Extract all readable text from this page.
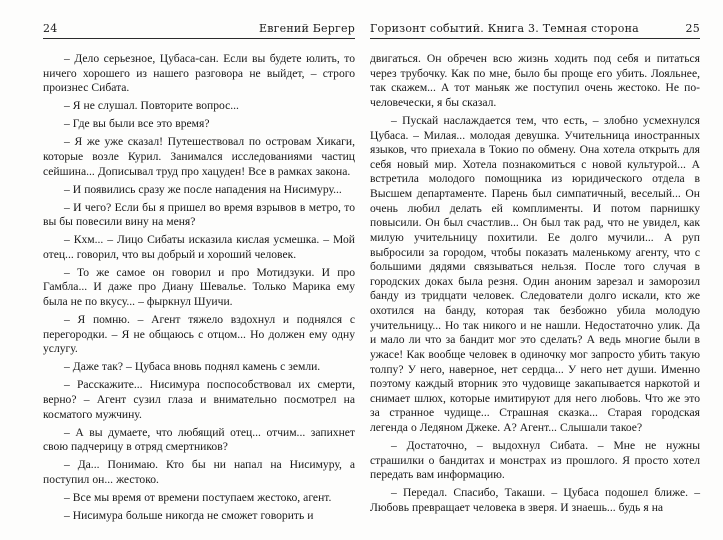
24	Евгений Бергер

– Дело серьезное, Цубаса-сан. Если вы будете юлить, то ничего хорошего из нашего разговора не выйдет, – строго произнес Сибата.

– Я не слушал. Повторите вопрос...

– Где вы были все это время?

– Я же уже сказал! Путешествовал по островам Хикаги, которые возле Курил. Занимался исследованиями частиц сейшина... Дописывал труд про хацуден! Все в рамках закона.

– И появились сразу же после нападения на Нисимуру...

– И чего? Если бы я пришел во время взрывов в метро, то вы бы повесили вину на меня?

– Кхм... – Лицо Сибаты исказила кислая усмешка. – Мой отец... говорил, что вы добрый и хороший человек.

– То же самое он говорил и про Мотидзуки. И про Гамбла... И даже про Диану Шевалье. Только Марика ему была не по вкусу... – фыркнул Шуичи.

– Я помню. – Агент тяжело вздохнул и поднялся с перегородки. – Я не общаюсь с отцом... Но должен ему одну услугу.

– Даже так? – Цубаса вновь поднял камень с земли.

– Расскажите... Нисимура поспособствовал их смерти, верно? – Агент сузил глаза и внимательно посмотрел на косматого мужчину.

– А вы думаете, что любящий отец... отчим... запихнет свою падчерицу в отряд смертников?

– Да... Понимаю. Кто бы ни напал на Нисимуру, а поступил он... жестоко.

– Все мы время от времени поступаем жестоко, агент.

– Нисимура больше никогда не сможет говорить и

Горизонт событий. Книга 3. Темная сторона	25

двигаться. Он обречен всю жизнь ходить под себя и питаться через трубочку. Как по мне, было бы проще его убить. Лояльнее, так скажем... А тот маньяк же поступил очень жестоко. Не по-человечески, я бы сказал.

– Пускай наслаждается тем, что есть, – злобно усмехнулся Цубаса. – Милая... молодая девушка. Учительница иностранных языков, что приехала в Токио по обмену. Она хотела открыть для себя новый мир. Хотела познакомиться с новой культурой... А встретила молодого помощника из юридического отдела в Высшем департаменте. Парень был симпатичный, веселый... Он очень любил делать ей комплименты. И потом парнишку повысили. Он был счастлив... Он был так рад, что не увидел, как милую учительницу похитили. Ее долго мучили... А руп выбросили за городом, чтобы показать маленькому агенту, что с большими дядями связываться нельзя. После того случая в городских доках была резня. Один аноним зарезал и заморозил банду из тридцати человек. Следователи долго искали, кто же охотился на банду, которая так безбожно убила молодую учительницу... Но так никого и не нашли. Недостаточно улик. Да и мало ли что за бандит мог это сделать? А ведь многие были в ужасе! Как вообще человек в одиночку мог запросто убить такую толпу? У него, наверное, нет сердца... У него нет души. Именно поэтому каждый вторник это чудовище закапывается наркотой и снимает шлюх, которые имитируют для него любовь. Что же это за странное чудище... Страшная сказка... Старая городская легенда о Ледяном Джеке. А? Агент... Слышали такое?

– Достаточно, – выдохнул Сибата. – Мне не нужны страшилки о бандитах и монстрах из прошлого. Я просто хотел передать вам информацию.

– Передал. Спасибо, Такаши. – Цубаса подошел ближе. – Любовь превращает человека в зверя. И знаешь... будь я на
